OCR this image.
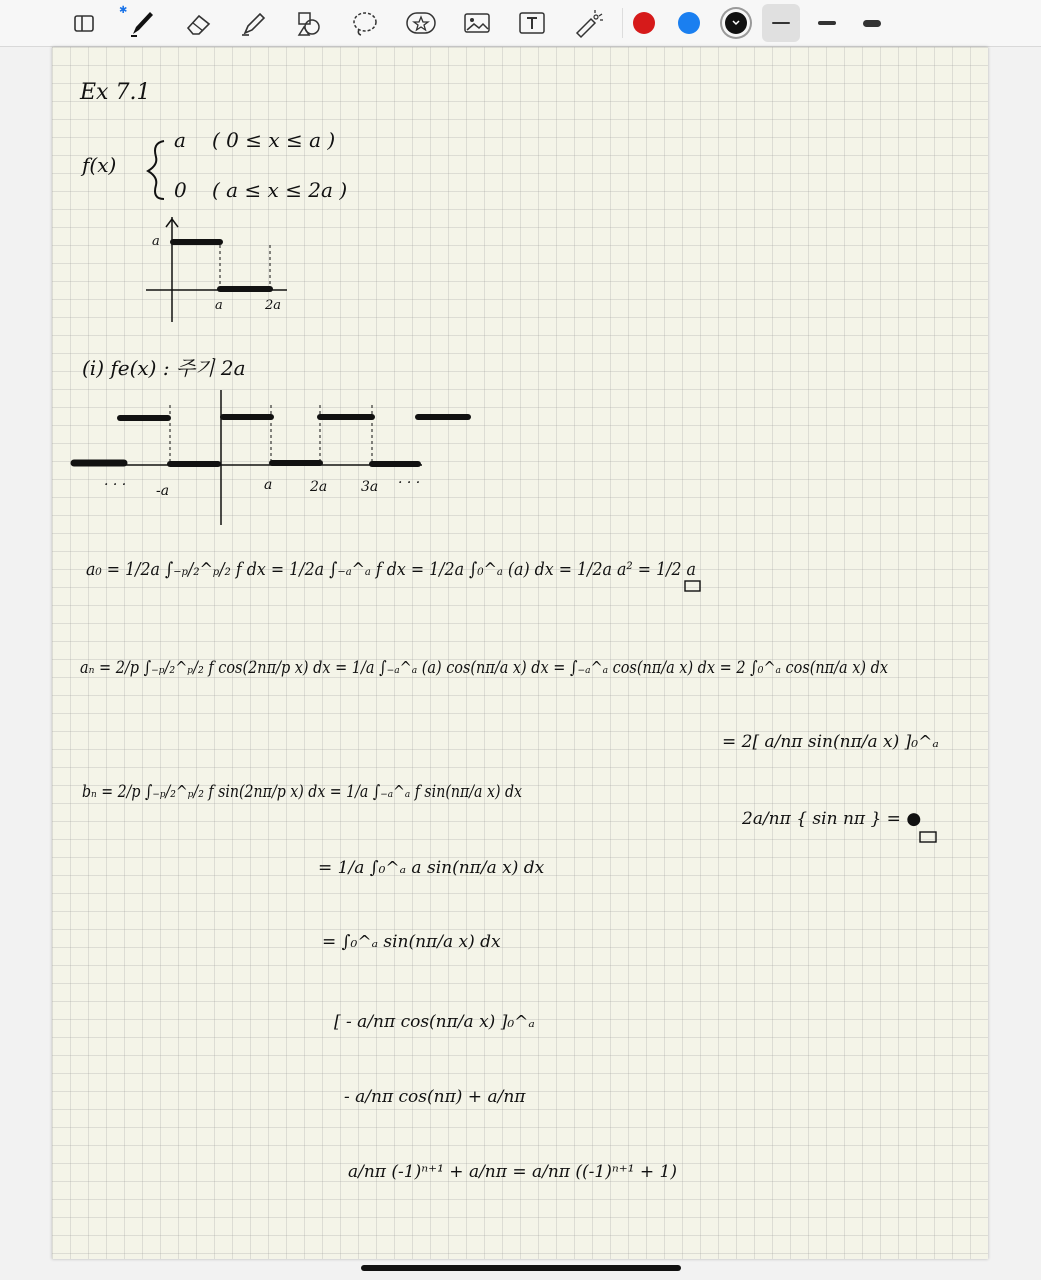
✱
Ex 7.1
f(x)
a ( 0 ≤ x ≤ a )
0 ( a ≤ x ≤ 2a )
a
a	2a
(i) fe(x) : 주기 2a
· · · -a	a	2a 3a · · ·
a₀ = 1/2a ∫₋ₚ/₂^ₚ/₂ f dx = 1/2a ∫₋ₐ^ₐ f dx = 1/2a ∫₀^ₐ (a) dx = 1/2a a² = 1/2 a
aₙ = 2/p ∫₋ₚ/₂^ₚ/₂ f cos(2nπ/p x) dx = 1/a ∫₋ₐ^ₐ (a) cos(nπ/a x) dx = ∫₋ₐ^ₐ cos(nπ/a x) dx = 2 ∫₀^ₐ cos(nπ/a x) dx
= 2[ a/nπ sin(nπ/a x) ]₀^ₐ
2a/nπ { sin nπ } = ●
bₙ = 2/p ∫₋ₚ/₂^ₚ/₂ f sin(2nπ/p x) dx = 1/a ∫₋ₐ^ₐ f sin(nπ/a x) dx
= 1/a ∫₀^ₐ a sin(nπ/a x) dx
= ∫₀^ₐ sin(nπ/a x) dx
[ - a/nπ cos(nπ/a x) ]₀^ₐ
- a/nπ cos(nπ) + a/nπ
a/nπ (-1)ⁿ⁺¹ + a/nπ = a/nπ ((-1)ⁿ⁺¹ + 1)
